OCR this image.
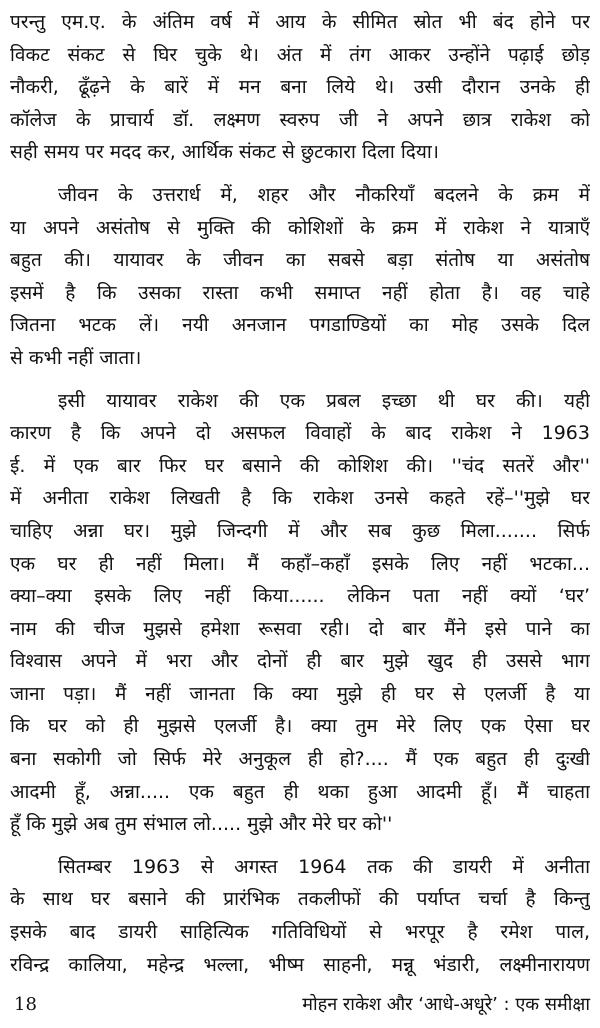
परन्तु एम.ए. के अंतिम वर्ष में आय के सीमित स्रोत भी बंद होने पर
विकट संकट से घिर चुके थे। अंत में तंग आकर उन्होंने पढ़ाई छोड़
नौकरी, ढूँढ़ने के बारें में मन बना लिये थे। उसी दौरान उनके ही
कॉलेज के प्राचार्य डॉ. लक्ष्मण स्वरुप जी ने अपने छात्र राकेश को
सही समय पर मदद कर, आर्थिक संकट से छुटकारा दिला दिया।
जीवन के उत्तरार्ध में, शहर और नौकरियाँ बदलने के क्रम में
या अपने असंतोष से मुक्ति की कोशिशों के क्रम में राकेश ने यात्राएँ
बहुत की। यायावर के जीवन का सबसे बड़ा संतोष या असंतोष
इसमें है कि उसका रास्ता कभी समाप्त नहीं होता है। वह चाहे
जितना भटक लें। नयी अनजान पगडाण्डियों का मोह उसके दिल
से कभी नहीं जाता।
इसी यायावर राकेश की एक प्रबल इच्छा थी घर की। यही
कारण है कि अपने दो असफल विवाहों के बाद राकेश ने 1963
ई. में एक बार फिर घर बसाने की कोशिश की। ''चंद सतरें और''
में अनीता राकेश लिखती है कि राकेश उनसे कहते रहें–''मुझे घर
चाहिए अन्ना घर। मुझे जिन्दगी में और सब कुछ मिला....... सिर्फ
एक घर ही नहीं मिला। मैं कहाँ–कहाँ इसके लिए नहीं भटका...
क्या–क्या इसके लिए नहीं किया...... लेकिन पता नहीं क्यों ‘घर’
नाम की चीज मुझसे हमेशा रूसवा रही। दो बार मैंने इसे पाने का
विश्वास अपने में भरा और दोनों ही बार मुझे खुद ही उससे भाग
जाना पड़ा। मैं नहीं जानता कि क्या मुझे ही घर से एलर्जी है या
कि घर को ही मुझसे एलर्जी है। क्या तुम मेरे लिए एक ऐसा घर
बना सकोगी जो सिर्फ मेरे अनुकूल ही हो?.... मैं एक बहुत ही दुःखी
आदमी हूँ, अन्ना..... एक बहुत ही थका हुआ आदमी हूँ। मैं चाहता
हूँ कि मुझे अब तुम संभाल लो..... मुझे और मेरे घर को''
सितम्बर 1963 से अगस्त 1964 तक की डायरी में अनीता
के साथ घर बसाने की प्रारंभिक तकलीफों की पर्याप्त चर्चा है किन्तु
इसके बाद डायरी साहित्यिक गतिविधियों से भरपूर है रमेश पाल,
रविन्द्र कालिया, महेन्द्र भल्ला, भीष्म साहनी, मन्नू भंडारी, लक्ष्मीनारायण
18	मोहन राकेश और ‘आधे-अधूरे’ : एक समीक्षा
